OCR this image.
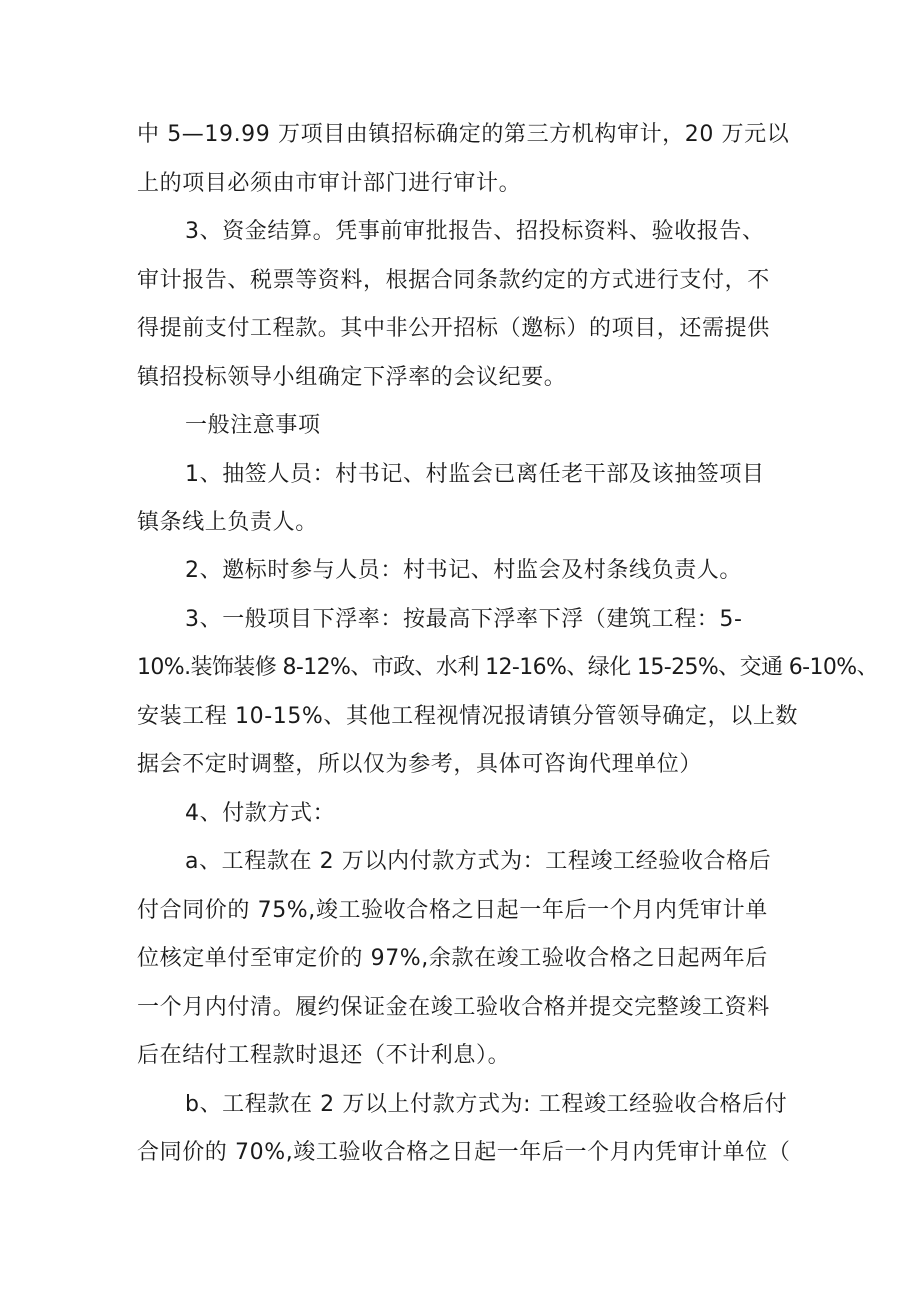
中 5—19.99 万项目由镇招标确定的第三方机构审计，20 万元以
上的项目必须由市审计部门进行审计。
3、资金结算。凭事前审批报告、招投标资料、验收报告、
审计报告、税票等资料，根据合同条款约定的方式进行支付，不
得提前支付工程款。其中非公开招标（邀标）的项目，还需提供
镇招投标领导小组确定下浮率的会议纪要。
一般注意事项
1、抽签人员：村书记、村监会已离任老干部及该抽签项目
镇条线上负责人。
2、邀标时参与人员：村书记、村监会及村条线负责人。
3、一般项目下浮率：按最高下浮率下浮（建筑工程：5-
10%.装饰装修 8-12%、市政、水利 12-16%、绿化 15-25%、交通 6-10%、
安装工程 10-15%、其他工程视情况报请镇分管领导确定，以上数
据会不定时调整，所以仅为参考，具体可咨询代理单位）
4、付款方式：
a、工程款在 2 万以内付款方式为：工程竣工经验收合格后
付合同价的 75%,竣工验收合格之日起一年后一个月内凭审计单
位核定单付至审定价的 97%,余款在竣工验收合格之日起两年后
一个月内付清。履约保证金在竣工验收合格并提交完整竣工资料
后在结付工程款时退还（不计利息）。
b、工程款在 2 万以上付款方式为: 工程竣工经验收合格后付
合同价的 70%,竣工验收合格之日起一年后一个月内凭审计单位（
